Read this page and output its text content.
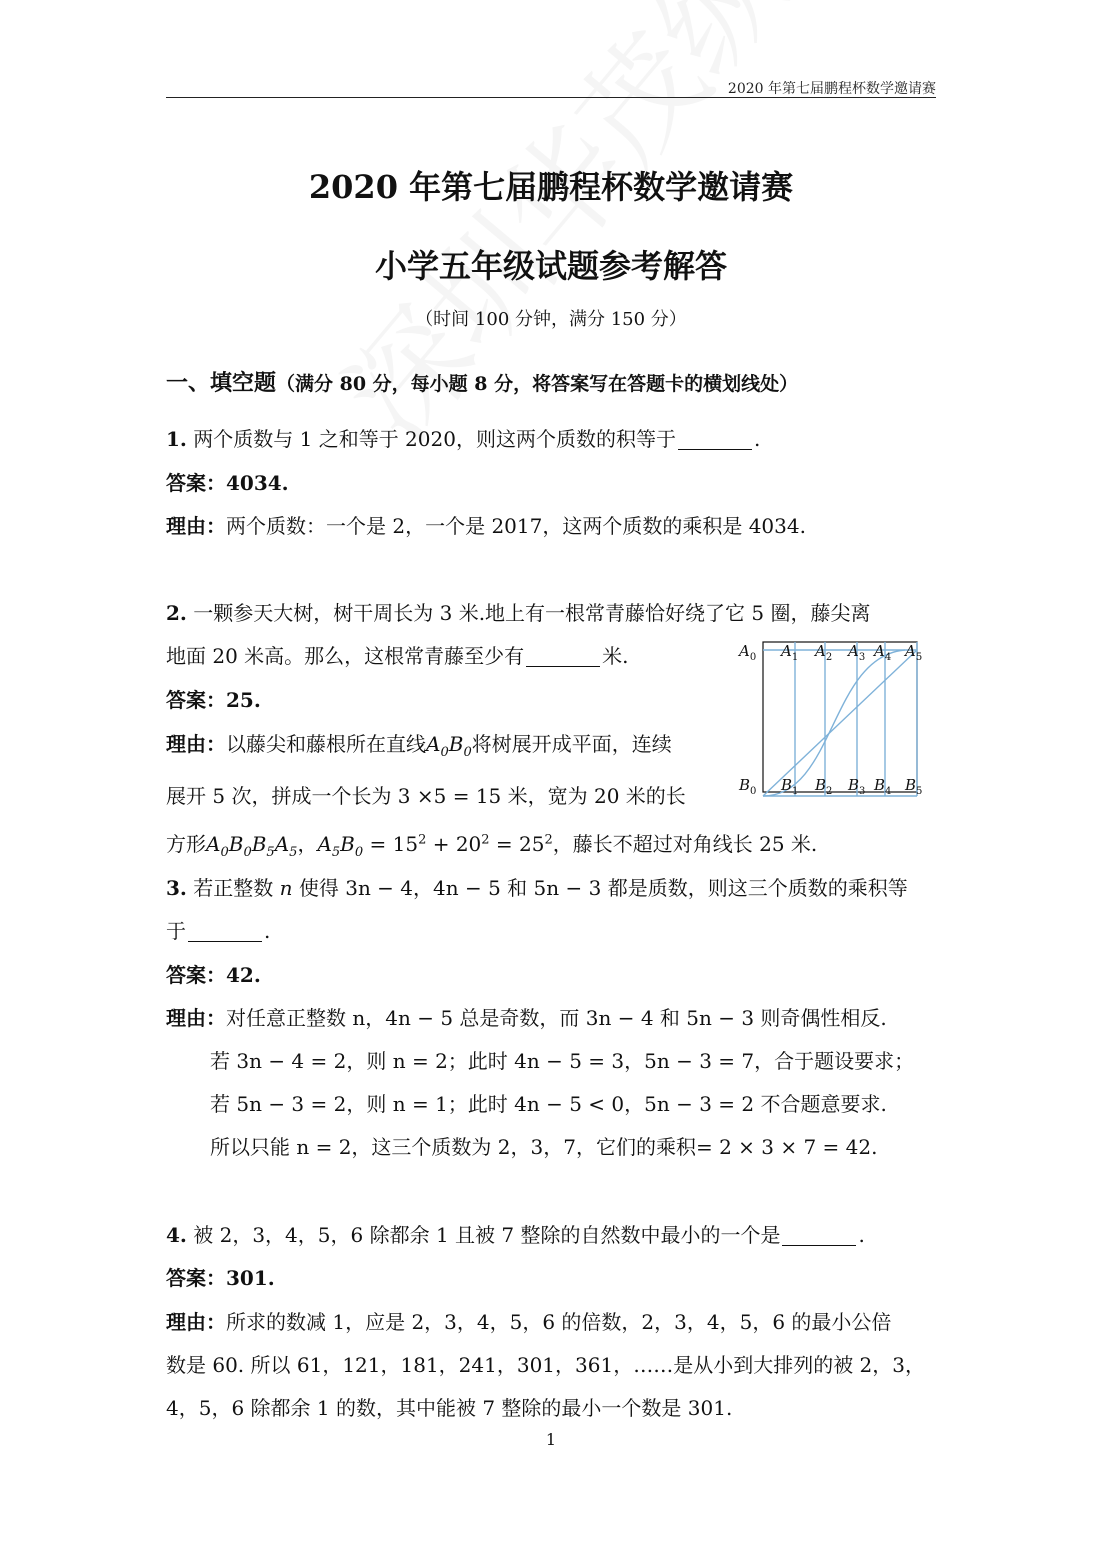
2020 年第七届鹏程杯数学邀请赛
2020 年第七届鹏程杯数学邀请赛
小学五年级试题参考解答
（时间 100 分钟，满分 150 分）
一、填空题（满分 80 分，每小题 8 分，将答案写在答题卡的横划线处）
1. 两个质数与 1 之和等于 2020，则这两个质数的积等于	.
答案：4034.
理由：两个质数：一个是 2，一个是 2017，这两个质数的乘积是 4034.
2. 一颗参天大树，树干周长为 3 米.地上有一根常青藤恰好绕了它 5 圈，藤尖离
地面 20 米高。那么，这根常青藤至少有	米.
答案：25.
理由：以藤尖和藤根所在直线$A_0B_0$将树展开成平面，连续
展开 5 次，拼成一个长为 3 ×5 = 15 米，宽为 20 米的长
方形$A_0B_0B_5A_5$，$A_5B_0 = 15^2 + 20^2 = 25^2$，藤长不超过对角线长 25 米.
$A_0$ $A_1$ $A_2$ $A_3$ $A_4$ $A_5$
$B_0$ $B_1$ $B_2$ $B_3$ $B_4$ $B_5$
3. 若正整数 n 使得 3n − 4，4n − 5 和 5n − 3 都是质数，则这三个质数的乘积等
于	.
答案：42.
理由：对任意正整数 n，4n − 5 总是奇数，而 3n − 4 和 5n − 3 则奇偶性相反.
若 3n − 4 = 2，则 n = 2；此时 4n − 5 = 3，5n − 3 = 7，合于题设要求；
若 5n − 3 = 2，则 n = 1；此时 4n − 5 < 0，5n − 3 = 2 不合题意要求.
所以只能 n = 2，这三个质数为 2，3，7，它们的乘积= 2 × 3 × 7 = 42.
4. 被 2，3，4，5，6 除都余 1 且被 7 整除的自然数中最小的一个是	.
答案：301.
理由：所求的数减 1，应是 2，3，4，5，6 的倍数，2，3，4，5，6 的最小公倍
数是 60. 所以 61，121，181，241，301，361，……是从小到大排列的被 2，3，
4，5，6 除都余 1 的数，其中能被 7 整除的最小一个数是 301.
1
